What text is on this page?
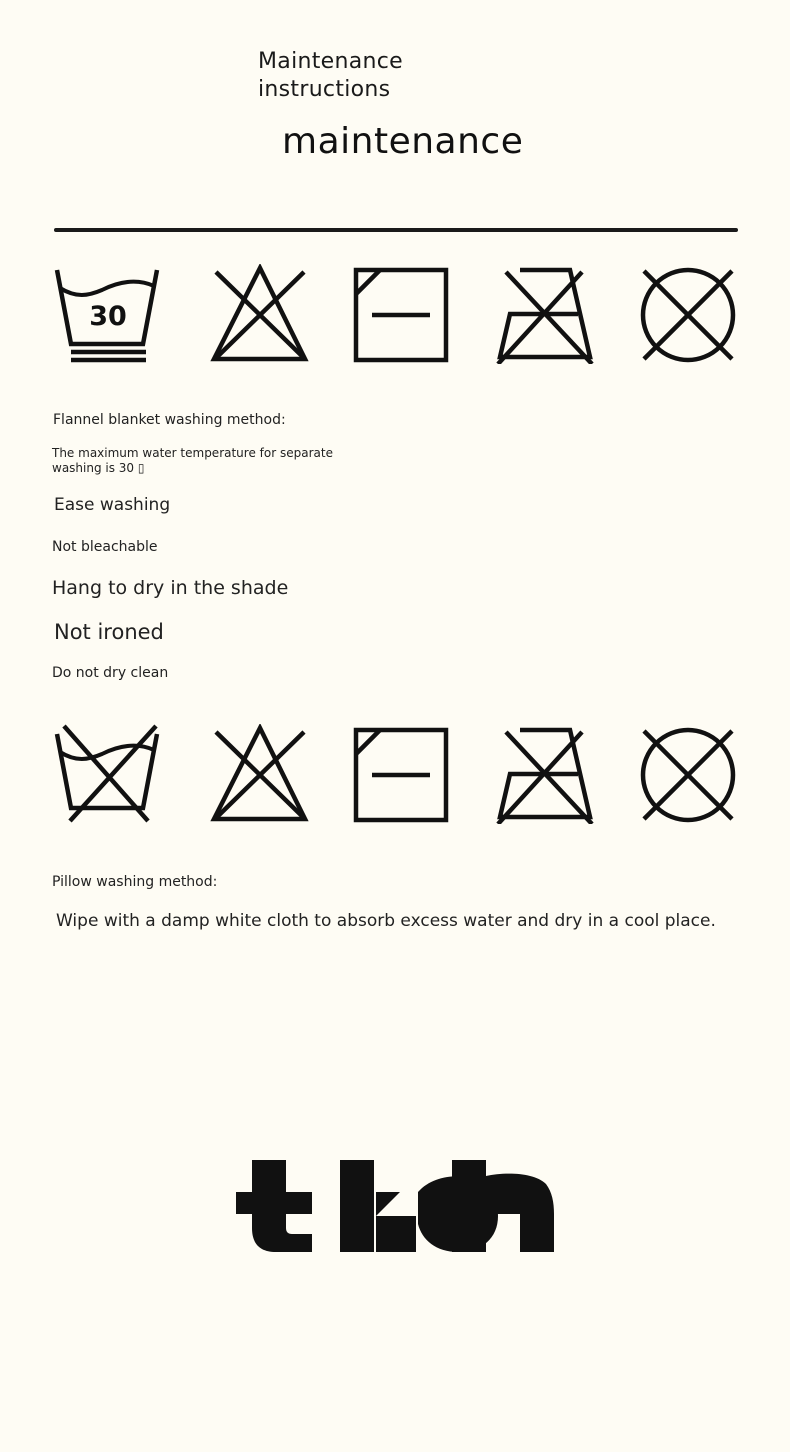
Maintenance
instructions
maintenance
30
Flannel blanket washing method:
The maximum water temperature for separate
washing is 30 ▯
Ease washing
Not bleachable
Hang to dry in the shade
Not ironed
Do not dry clean
Pillow washing method:
Wipe with a damp white cloth to absorb excess water and dry in a cool place.
